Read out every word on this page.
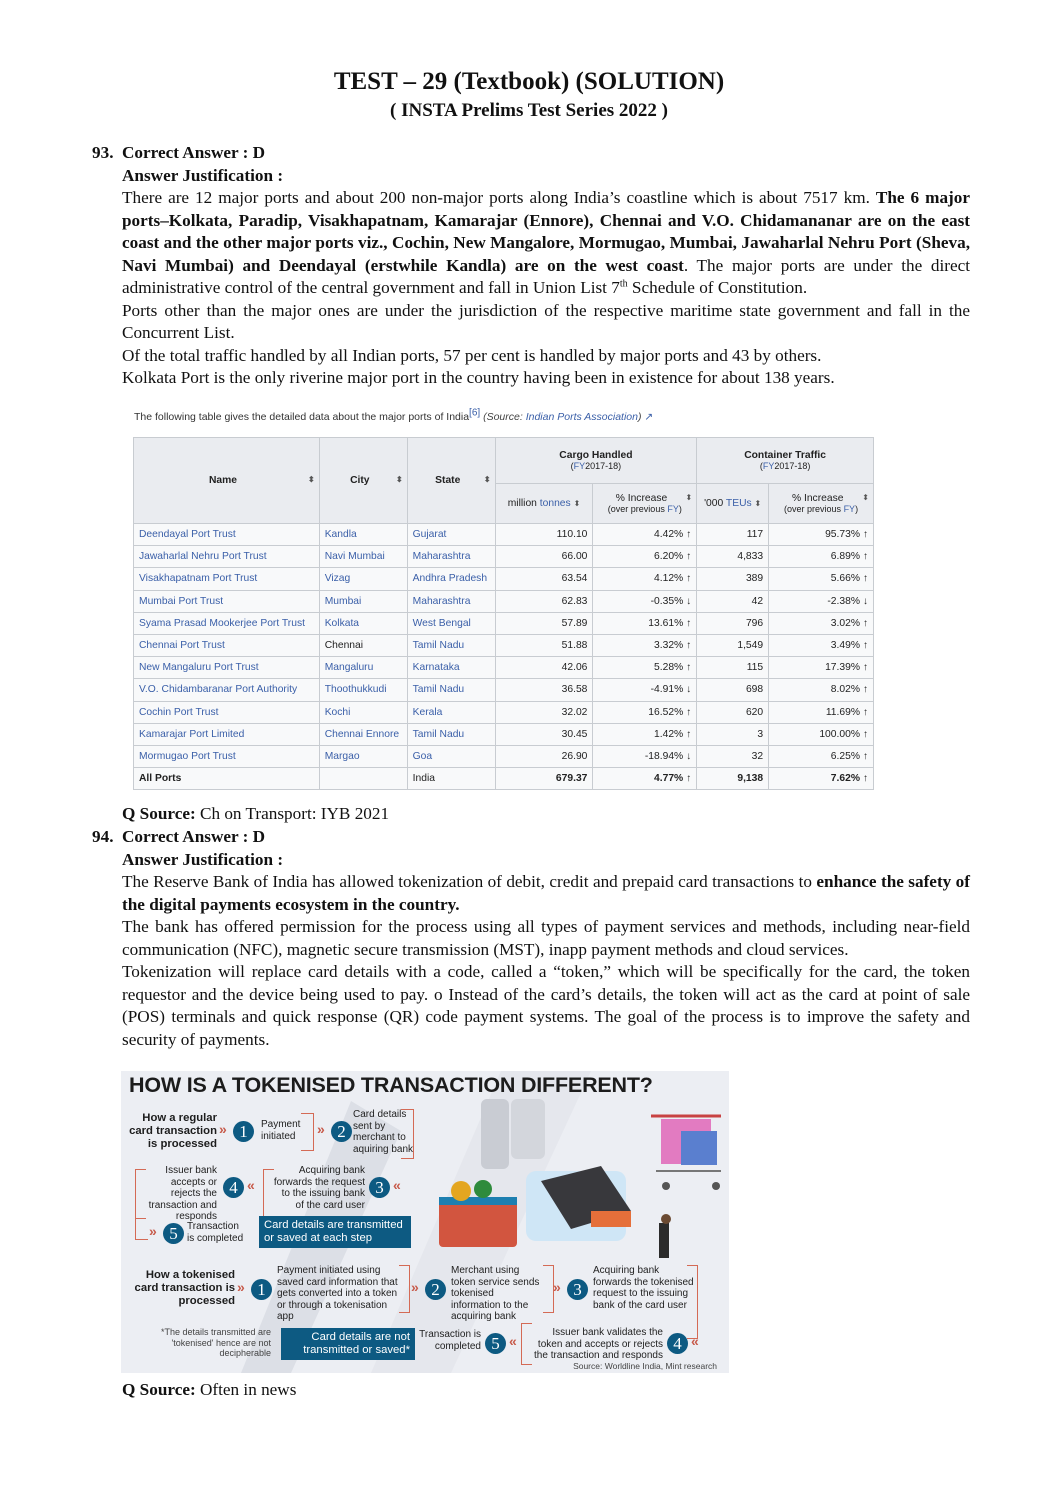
TEST – 29 (Textbook) (SOLUTION)
( INSTA Prelims Test Series 2022 )
93. Correct Answer : D

Answer Justification :

There are 12 major ports and about 200 non-major ports along India’s coastline which is about 7517 km. The 6 major ports–Kolkata, Paradip, Visakhapatnam, Kamarajar (Ennore), Chennai and V.O. Chidamananar are on the east coast and the other major ports viz., Cochin, New Mangalore, Mormugao, Mumbai, Jawaharlal Nehru Port (Sheva, Navi Mumbai) and Deendayal (erstwhile Kandla) are on the west coast. The major ports are under the direct administrative control of the central government and fall in Union List 7th Schedule of Constitution.

Ports other than the major ones are under the jurisdiction of the respective maritime state government and fall in the Concurrent List.

Of the total traffic handled by all Indian ports, 57 per cent is handled by major ports and 43 by others.

Kolkata Port is the only riverine major port in the country having been in existence for about 138 years.

The following table gives the detailed data about the major ports of India[6] (Source: Indian Ports Association) ↗
Name ⬍	City ⬍	State ⬍	Cargo Handled
(FY2017-18)		Container Traffic
(FY2017-18)	

			million tonnes ⬍	% Increase ⬍
(over previous FY)	'000 TEUs ⬍	% Increase ⬍
(over previous FY)

Deendayal Port Trust	Kandla	Gujarat	110.10	4.42% ↑	117	95.73% ↑
Jawaharlal Nehru Port Trust	Navi Mumbai	Maharashtra	66.00	6.20% ↑	4,833	6.89% ↑
Visakhapatnam Port Trust	Vizag	Andhra Pradesh	63.54	4.12% ↑	389	5.66% ↑
Mumbai Port Trust	Mumbai	Maharashtra	62.83	-0.35% ↓	42	-2.38% ↓
Syama Prasad Mookerjee Port Trust	Kolkata	West Bengal	57.89	13.61% ↑	796	3.02% ↑
Chennai Port Trust	Chennai	Tamil Nadu	51.88	3.32% ↑	1,549	3.49% ↑
New Mangaluru Port Trust	Mangaluru	Karnataka	42.06	5.28% ↑	115	17.39% ↑
V.O. Chidambaranar Port Authority	Thoothukkudi	Tamil Nadu	36.58	-4.91% ↓	698	8.02% ↑
Cochin Port Trust	Kochi	Kerala	32.02	16.52% ↑	620	11.69% ↑
Kamarajar Port Limited	Chennai Ennore	Tamil Nadu	30.45	1.42% ↑	3	100.00% ↑
Mormugao Port Trust	Margao	Goa	26.90	-18.94% ↓	32	6.25% ↑
All Ports		India	679.37	4.77% ↑	9,138	7.62% ↑

Q Source: Ch on Transport: IYB 2021

94. Correct Answer : D

Answer Justification :

The Reserve Bank of India has allowed tokenization of debit, credit and prepaid card transactions to enhance the safety of the digital payments ecosystem in the country.

The bank has offered permission for the process using all types of payment services and methods, including near-field communication (NFC), magnetic secure transmission (MST), inapp payment methods and cloud services.

Tokenization will replace card details with a code, called a “token,” which will be specifically for the card, the token requestor and the device being used to pay. o Instead of the card’s details, the token will act as the card at point of sale (POS) terminals and quick response (QR) code payment systems. The goal of the process is to improve the safety and security of payments.

HOW IS A TOKENISED TRANSACTION DIFFERENT?
How a regular card transaction is processed
» 1	Payment initiated	» 2
Card details sent by merchant to aquiring bank
Issuer bank accepts or rejects the transaction and responds
4 «
Acquiring bank forwards the request to the issuing bank of the card user
3 «
» 5 Transaction is completed
Card details are transmitted or saved at each step
How a tokenised card transaction is processed
» 1
Payment initiated using saved card information that gets converted into a token or through a tokenisation app
» 2
Merchant using token service sends tokenised information to the acquiring bank
» 3
Acquiring bank forwards the tokenised request to the issuing bank of the card user
*The details transmitted are 'tokenised' hence are not decipherable
Card details are not transmitted or saved*
Transaction is completed 5 «
Issuer bank validates the token and accepts or rejects the transaction and responds
4 «
Source: Worldline India, Mint research

Q Source: Often in news
